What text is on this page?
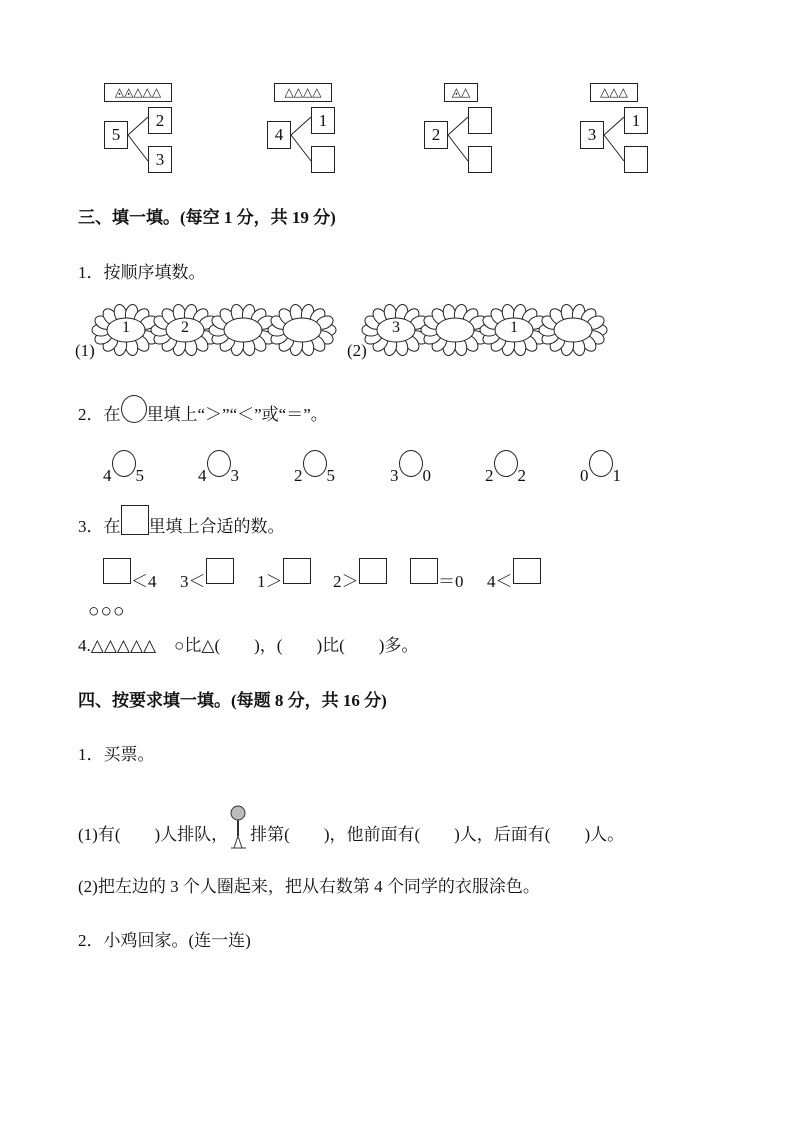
三、填一填。(每空 1 分，共 19 分)
1．按顺序填数。
(1)	(2)
2．在 里填上“＞”“＜”或“＝”。
3．在 里填上合适的数。
○○○
4.△△△△△ ○比△(　　)，(　　)比(　　)多。
四、按要求填一填。(每题 8 分，共 16 分)
1．买票。
(1)有(　　)人排队， 排第(　　)，他前面有(　　)人，后面有(　　)人。
(2)把左边的 3 个人圈起来，把从右数第 4 个同学的衣服涂色。
2．小鸡回家。(连一连)
◬◬△△△
5
2
3
△△△△
4
1
◬△
2
△△△
3
1
1	2	3	1
4 5	4 3	2 5	3 0	2 2	0 1
＜4 3＜	1＞	2＞	＝0 4＜
